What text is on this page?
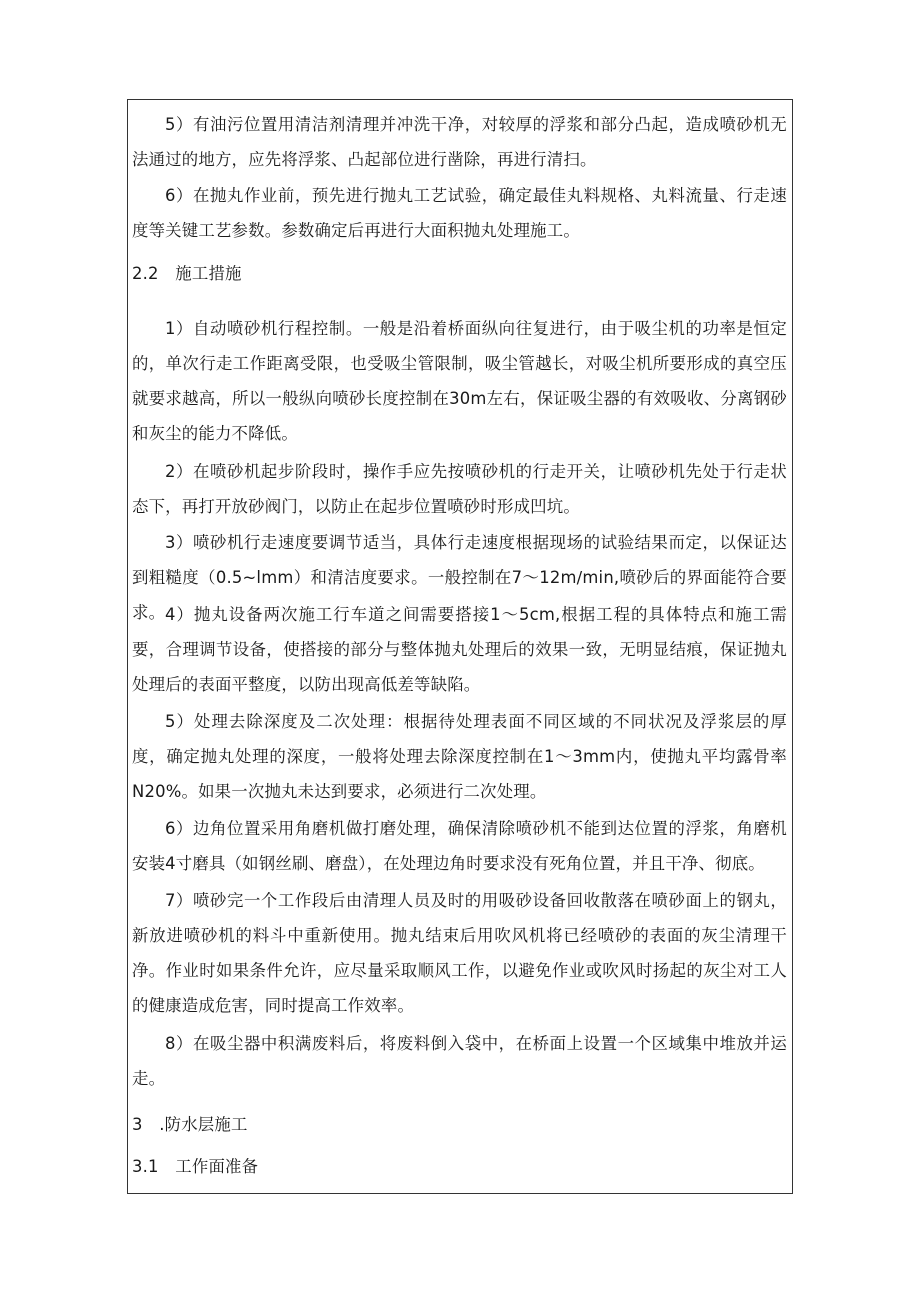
5）有油污位置用清洁剂清理并冲洗干净，对较厚的浮浆和部分凸起，造成喷砂机无法通过的地方，应先将浮浆、凸起部位进行凿除，再进行清扫。

6）在抛丸作业前，预先进行抛丸工艺试验，确定最佳丸料规格、丸料流量、行走速度等关键工艺参数。参数确定后再进行大面积抛丸处理施工。

2.2　施工措施

1）自动喷砂机行程控制。一般是沿着桥面纵向往复进行，由于吸尘机的功率是恒定的，单次行走工作距离受限，也受吸尘管限制，吸尘管越长，对吸尘机所要形成的真空压就要求越高，所以一般纵向喷砂长度控制在30m左右，保证吸尘器的有效吸收、分离钢砂和灰尘的能力不降低。

2）在喷砂机起步阶段时，操作手应先按喷砂机的行走开关，让喷砂机先处于行走状态下，再打开放砂阀门，以防止在起步位置喷砂时形成凹坑。

3）喷砂机行走速度要调节适当，具体行走速度根据现场的试验结果而定，以保证达到粗糙度（0.5~lmm）和清洁度要求。一般控制在7～12m∕min,喷砂后的界面能符合要求。 4）抛丸设备两次施工行车道之间需要搭接1～5cm,根据工程的具体特点和施工需要，合理调节设备，使搭接的部分与整体抛丸处理后的效果一致，无明显结痕，保证抛丸处理后的表面平整度，以防出现高低差等缺陷。

5）处理去除深度及二次处理：根据待处理表面不同区域的不同状况及浮浆层的厚度，确定抛丸处理的深度，一般将处理去除深度控制在1～3mm内，使抛丸平均露骨率N20%。如果一次抛丸未达到要求，必须进行二次处理。

6）边角位置采用角磨机做打磨处理，确保清除喷砂机不能到达位置的浮浆，角磨机安装4寸磨具（如钢丝刷、磨盘），在处理边角时要求没有死角位置，并且干净、彻底。

7）喷砂完一个工作段后由清理人员及时的用吸砂设备回收散落在喷砂面上的钢丸，新放进喷砂机的料斗中重新使用。抛丸结束后用吹风机将已经喷砂的表面的灰尘清理干净。作业时如果条件允许，应尽量采取顺风工作，以避免作业或吹风时扬起的灰尘对工人的健康造成危害，同时提高工作效率。

8）在吸尘器中积满废料后，将废料倒入袋中，在桥面上设置一个区域集中堆放并运走。

3　.防水层施工

3.1　工作面准备
